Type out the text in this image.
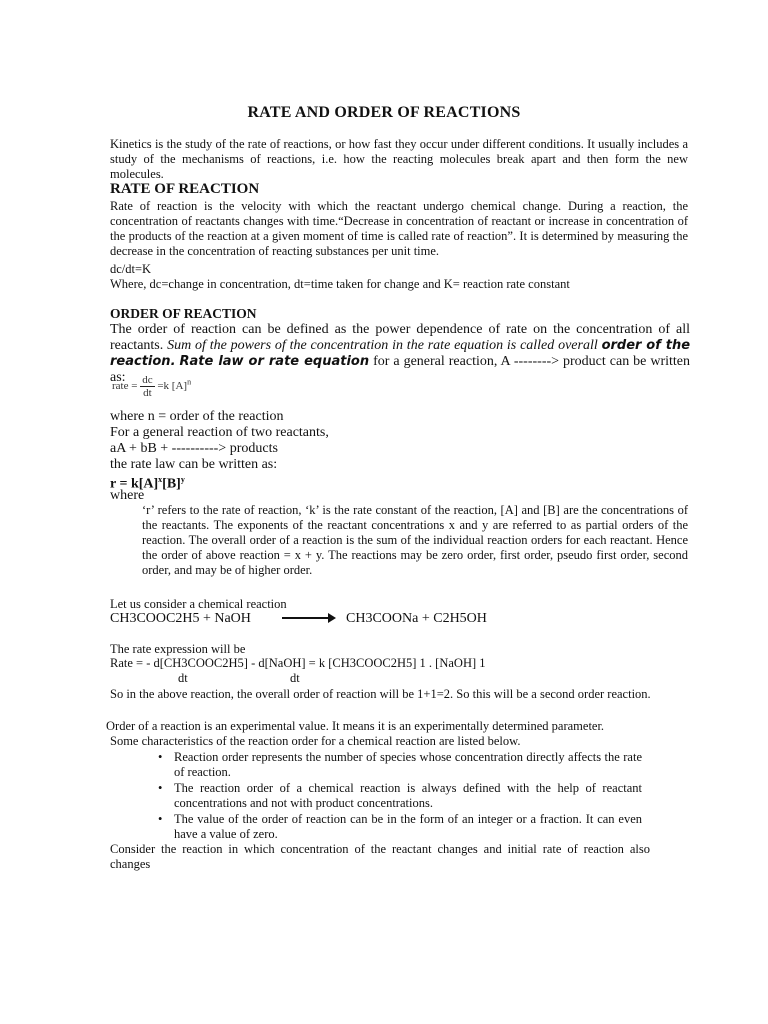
RATE AND ORDER OF REACTIONS
Kinetics is the study of the rate of reactions, or how fast they occur under different conditions. It usually includes a study of the mechanisms of reactions, i.e. how the reacting molecules break apart and then form the new molecules.
RATE OF REACTION
Rate of reaction is the velocity with which the reactant undergo chemical change. During a reaction, the concentration of reactants changes with time.“Decrease in concentration of reactant or increase in concentration of the products of the reaction at a given moment of time is called rate of reaction”. It is determined by measuring the decrease in the concentration of reacting substances per unit time.
dc/dt=K
Where, dc=change in concentration, dt=time taken for change and K= reaction rate constant
ORDER OF REACTION
The order of reaction can be defined as the power dependence of rate on the concentration of all reactants. Sum of the powers of the concentration in the rate equation is called overall order of the reaction. Rate law or rate equation for a general reaction, A --------> product can be written as:
rate = $\frac{dc}{dt} =k$ $[A]^n$
where n = order of the reaction
For a general reaction of two reactants,
aA + bB + ----------> products
the rate law can be written as:
$r = k[A]^x[B]^y$
where
‘r’ refers to the rate of reaction, ‘k’ is the rate constant of the reaction, [A] and [B] are the concentrations of the reactants. The exponents of the reactant concentrations x and y are referred to as partial orders of the reaction. The overall order of a reaction is the sum of the individual reaction orders for each reactant. Hence the order of above reaction = x + y. The reactions may be zero order, first order, pseudo first order, second order, and may be of higher order.
Let us consider a chemical reaction
CH3COOC2H5 + NaOH → CH3COONa + C2H5OH
The rate expression will be
Rate = - d[CH3COOC2H5] - d[NaOH] = k [CH3COOC2H5] 1 . [NaOH] 1
dt	dt
So in the above reaction, the overall order of reaction will be 1+1=2. So this will be a second order reaction.
Order of a reaction is an experimental value. It means it is an experimentally determined parameter.
Some characteristics of the reaction order for a chemical reaction are listed below.
• Reaction order represents the number of species whose concentration directly affects the rate of reaction.
• The reaction order of a chemical reaction is always defined with the help of reactant concentrations and not with product concentrations.
• The value of the order of reaction can be in the form of an integer or a fraction. It can even have a value of zero.
Consider the reaction in which concentration of the reactant changes and initial rate of reaction also changes
